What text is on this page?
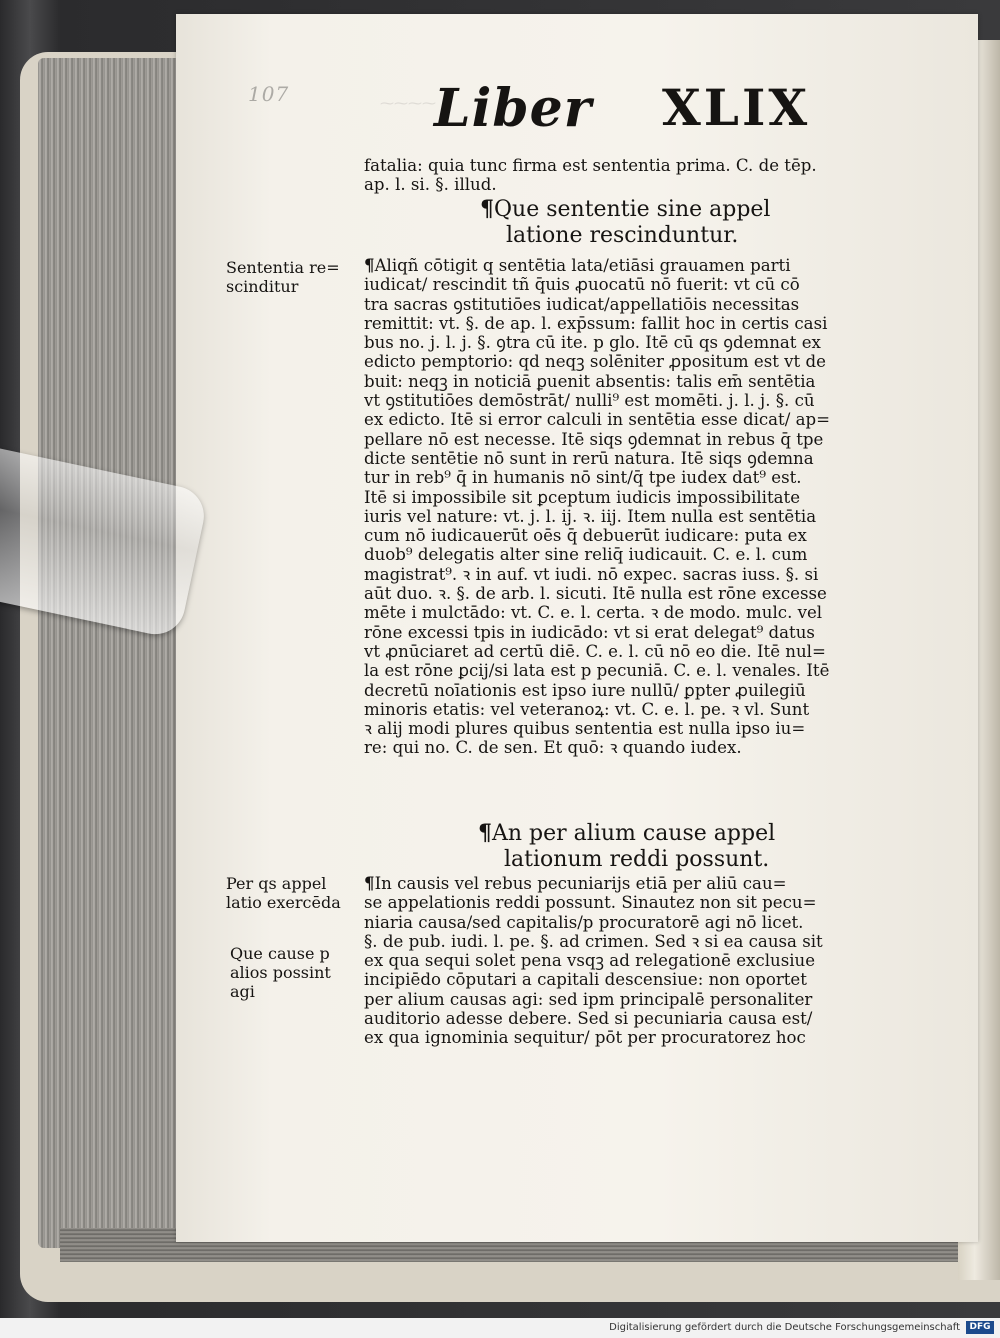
⁓⁓⁓⁓
107	Liber XLIX
fatalia: quia tunc firma est sententia prima. C. de tēp.
ap. l. si. §. illud.
¶Que sententie sine appel
latione rescinduntur.
Sententia re=
scinditur
¶Aliqñ cōtigit q sentētia lata/etiāsi grauamen parti
iudicat/ rescindit tñ q̄uis ꝓuocatū nō fuerit: vt cū cō
tra sacras ꝯstitutiōes iudicat/appellatiōis necessitas
remittit: vt. §. de ap. l. exp̄ssum: fallit hoc in certis casi
bus no. j. l. j. §. ꝯtra cū ite. p glo. Itē cū qs ꝯdemnat ex
edicto pemptorio: qd̄ neqꝫ solēniter ꝓpositum est vt de
buit: neqꝫ in noticiā ꝑuenit absentis: talis em̄ sentētia
vt ꝯstitutiōes demōstrāt/ nulli⁹ est momēti. j. l. j. §. cū
ex edicto. Itē si error calculi in sentētia esse dicat/ ap=
pellare nō est necesse. Itē siqs ꝯdemnat in rebus q̄ tpe
dicte sentētie nō sunt in rerū natura. Itē siqs ꝯdemna
tur in reb⁹ q̄ in humanis nō sint/q̄ tpe iudex dat⁹ est.
Itē si impossibile sit ꝑceptum iudicis impossibilitate
iuris vel nature: vt. j. l. ij. ꝛ. iij. Item nulla est sentētia
cum nō iudicauerūt oēs q̄ debuerūt iudicare: puta ex
duob⁹ delegatis alter sine reliq̄ iudicauit. C. e. l. cum
magistrat⁹. ꝛ in auf. vt iudi. nō expec. sacras iuss. §. si
aūt duo. ꝛ. §. de arb. l. sicuti. Itē nulla est rōne excesse
mēte i mulctādo: vt. C. e. l. certa. ꝛ de modo. mulc. vel
rōne excessi tpis in iudicādo: vt si erat delegat⁹ datus
vt ꝓnūciaret ad certū diē. C. e. l. cū nō eo die. Itē nul=
la est rōne ꝑcij/si lata est p pecuniā. C. e. l. venales. Itē
decretū noīationis est ipso iure nullū/ ꝑpter ꝓuilegiū
minoris etatis: vel veteranoꝝ: vt. C. e. l. pe. ꝛ vl. Sunt
ꝛ alij modi plures quibus sententia est nulla ipso iu=
re: qui no. C. de sen. Et quō: ꝛ quando iudex.
¶An per alium cause appel
lationum reddi possunt.
Per qs appel
latio exercēda
Que cause p
alios possint
agi
¶In causis vel rebus pecuniarijs etiā per aliū cau=
se appelationis reddi possunt. Sinautez non sit pecu=
niaria causa/sed capitalis/p procuratorē agi nō licet.
§. de pub. iudi. l. pe. §. ad crimen. Sed ꝛ si ea causa sit
ex qua sequi solet pena vsqꝫ ad relegationē exclusiue
incipiēdo cōputari a capitali descensiue: non oportet
per alium causas agi: sed ipm principalē personaliter
auditorio adesse debere. Sed si pecuniaria causa est/
ex qua ignominia sequitur/ pōt per procuratorez hoc
Digitalisierung gefördert durch die Deutsche Forschungsgemeinschaft	DFG
